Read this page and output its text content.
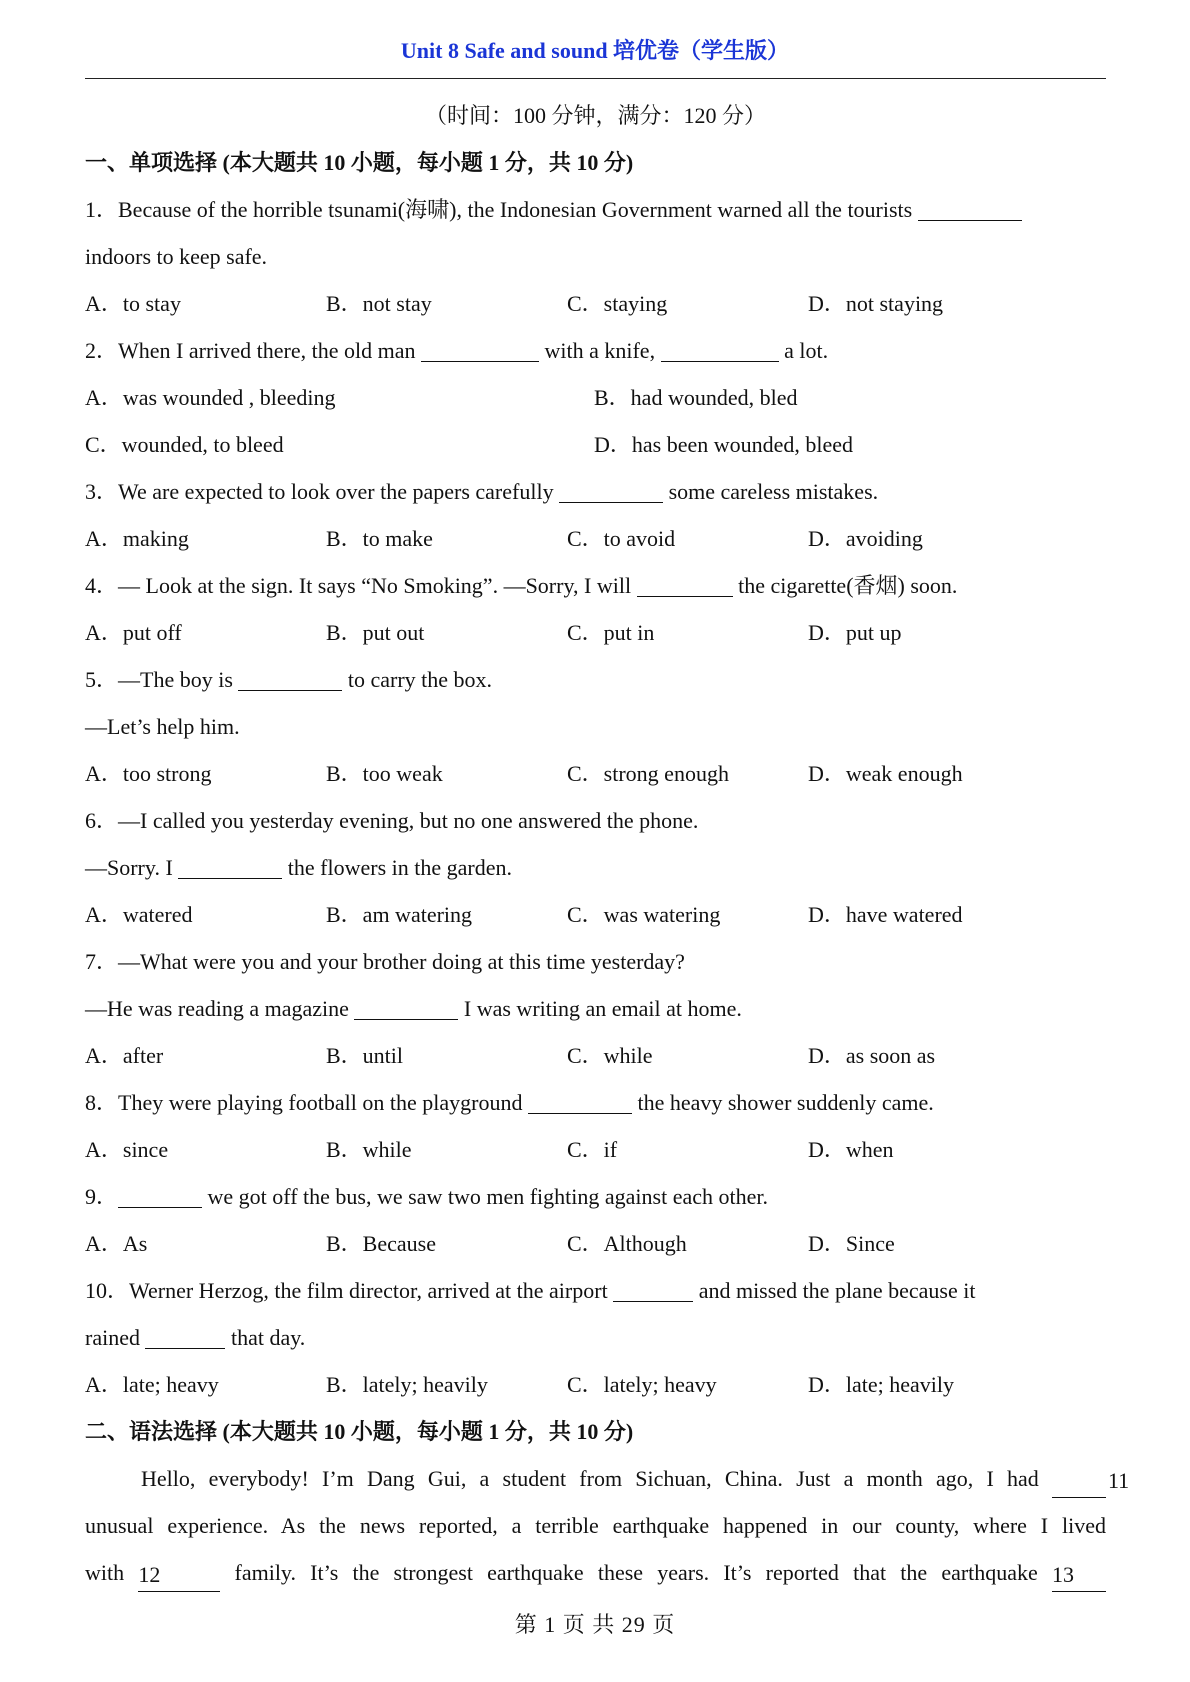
Unit 8 Safe and sound 培优卷（学生版）
（时间：100 分钟，满分：120 分）
一、单项选择 (本大题共 10 小题，每小题 1 分，共 10 分)
1．Because of the horrible tsunami(海啸), the Indonesian Government warned all the tourists
indoors to keep safe.
A．to stay	B．not stay	C．staying	D．not staying
2．When I arrived there, the old man	with a knife,	a lot.
A．was wounded , bleeding	B．had wounded, bled
C．wounded, to bleed	D．has been wounded, bleed
3．We are expected to look over the papers carefully	some careless mistakes.
A．making	B．to make	C．to avoid	D．avoiding
4．— Look at the sign. It says “No Smoking”. —Sorry, I will	the cigarette(香烟) soon.
A．put off	B．put out	C．put in	D．put up
5．—The boy is	to carry the box.
—Let’s help him.
A．too strong	B．too weak	C．strong enough	D．weak enough
6．—I called you yesterday evening, but no one answered the phone.
—Sorry. I	the flowers in the garden.
A．watered	B．am watering	C．was watering	D．have watered
7．—What were you and your brother doing at this time yesterday?
—He was reading a magazine	I was writing an email at home.
A．after	B．until	C．while	D．as soon as
8．They were playing football on the playground	the heavy shower suddenly came.
A．since	B．while	C．if	D．when
9．	we got off the bus, we saw two men fighting against each other.
A．As	B．Because	C．Although	D．Since
10．Werner Herzog, the film director, arrived at the airport	and missed the plane because it
rained	that day.
A．late; heavy	B．lately; heavily	C．lately; heavy	D．late; heavily
二、语法选择 (本大题共 10 小题，每小题 1 分，共 10 分)
Hello, everybody! I’m Dang Gui, a student from Sichuan, China. Just a month ago, I had	11
unusual experience. As the news reported, a terrible earthquake happened in our county, where I lived
with 12	family. It’s the strongest earthquake these years. It’s reported that the earthquake 13
第 1 页 共 29 页
